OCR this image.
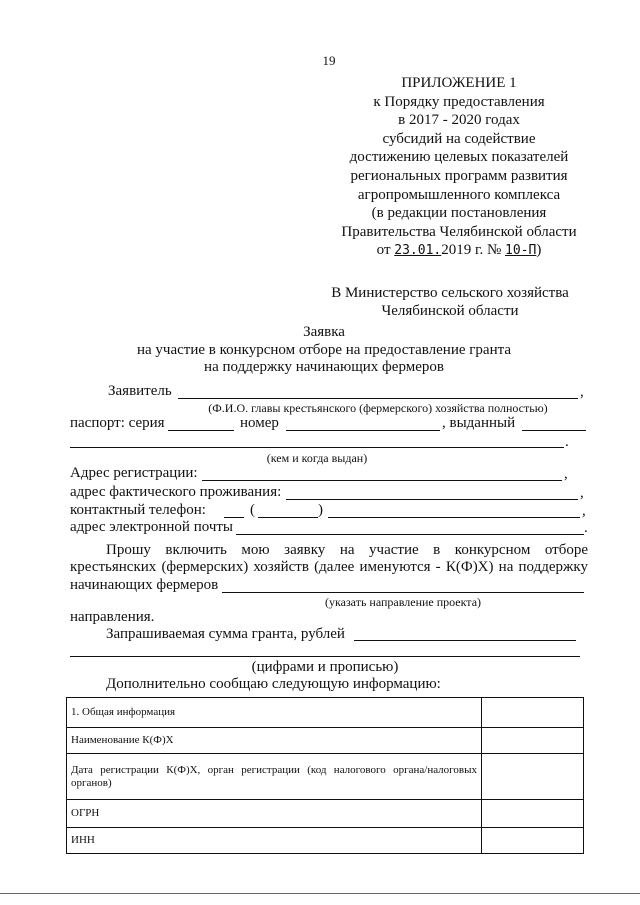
19
ПРИЛОЖЕНИЕ 1
к Порядку предоставления
в 2017 - 2020 годах
субсидий на содействие
достижению целевых показателей
региональных программ развития
агропромышленного комплекса
(в редакции постановления
Правительства Челябинской области
от 23.01.2019 г. № 10-П)
В Министерство сельского хозяйства
Челябинской области
Заявка
на участие в конкурсном отборе на предоставление гранта
на поддержку начинающих фермеров
Заявитель	,
(Ф.И.О. главы крестьянского (фермерского) хозяйства полностью)
паспорт: серия	номер	, выданный
.
(кем и когда выдан)
Адрес регистрации:	,
адрес фактического проживания:	,
контактный телефон:	(	)	,
адрес электронной почты	.
Прошу включить мою заявку на участие в конкурсном отборе крестьянских (фермерских) хозяйств (далее именуются - К(Ф)Х) на поддержку
начинающих фермеров
(указать направление проекта)
направления.
Запрашиваемая сумма гранта, рублей
(цифрами и прописью)
Дополнительно сообщаю следующую информацию:
1. Общая информация	
Наименование К(Ф)Х	
Дата регистрации К(Ф)Х, орган регистрации (код налогового органа/налоговых органов)	
ОГРН	
ИНН	
